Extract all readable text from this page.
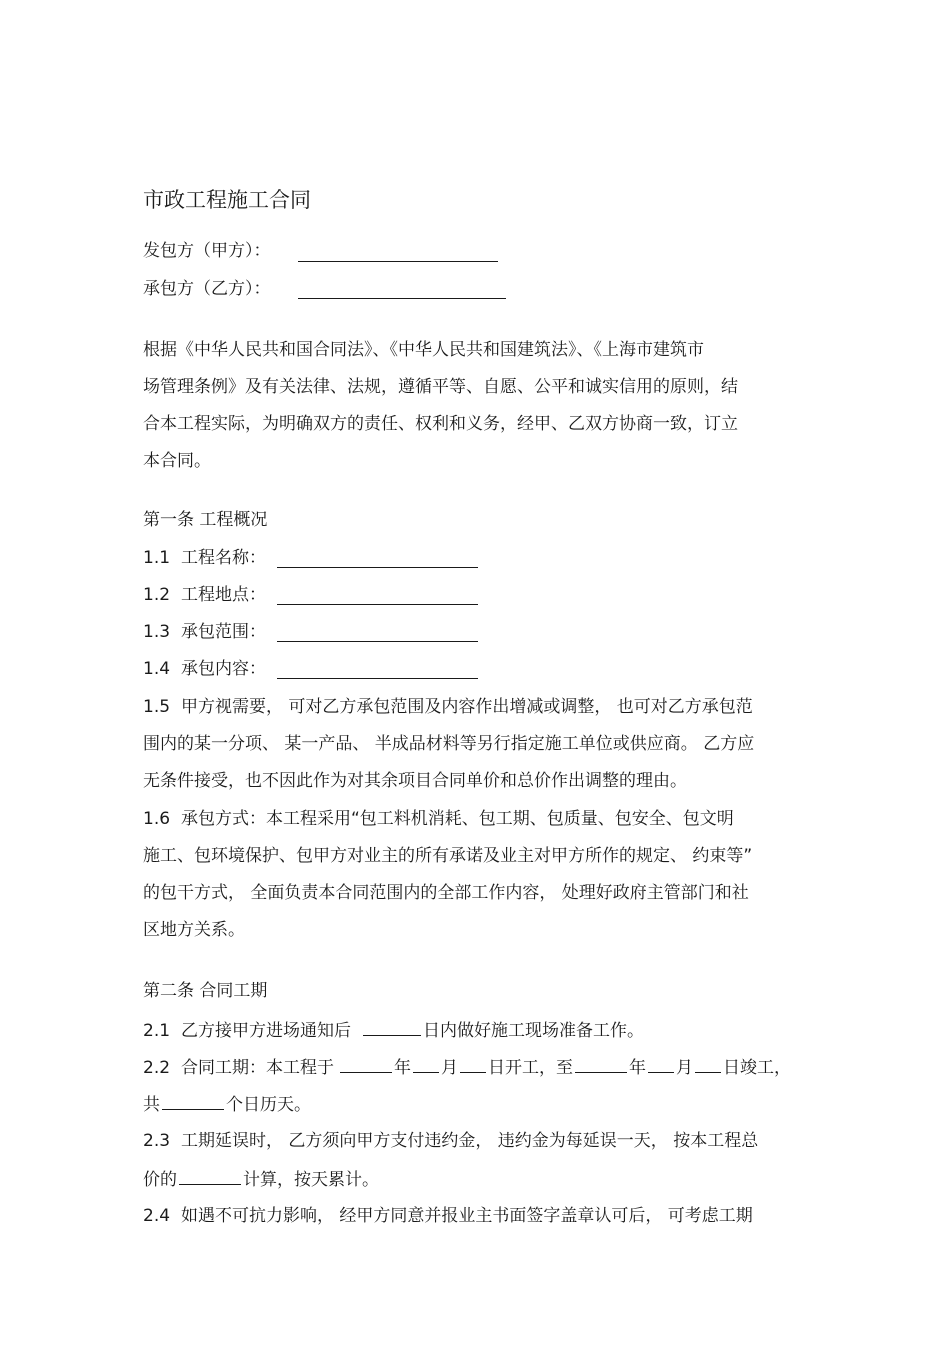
市政工程施工合同
发包方（甲方）：
承包方（乙方）：
根据《中华人民共和国合同法》、《中华人民共和国建筑法》、《上海市建筑市
场管理条例》及有关法律、法规，遵循平等、自愿、公平和诚实信用的原则，结
合本工程实际，为明确双方的责任、权利和义务，经甲、乙双方协商一致，订立
本合同。
第一条 工程概况
1.1 工程名称：
1.2 工程地点：
1.3 承包范围：
1.4 承包内容：
1.5 甲方视需要， 可对乙方承包范围及内容作出增减或调整， 也可对乙方承包范
围内的某一分项、 某一产品、 半成品材料等另行指定施工单位或供应商。 乙方应
无条件接受，也不因此作为对其余项目合同单价和总价作出调整的理由。
1.6 承包方式：本工程采用“包工料机消耗、包工期、包质量、包安全、包文明
施工、包环境保护、包甲方对业主的所有承诺及业主对甲方所作的规定、 约束等”
的包干方式， 全面负责本合同范围内的全部工作内容， 处理好政府主管部门和社
区地方关系。
第二条 合同工期
2.1 乙方接甲方进场通知后	日内做好施工现场准备工作。
2.2 合同工期：本工程于	年 月 日开工，至	年 月 日竣工，
共	个日历天。
2.3 工期延误时， 乙方须向甲方支付违约金， 违约金为每延误一天， 按本工程总
价的	计算，按天累计。
2.4 如遇不可抗力影响， 经甲方同意并报业主书面签字盖章认可后， 可考虑工期
